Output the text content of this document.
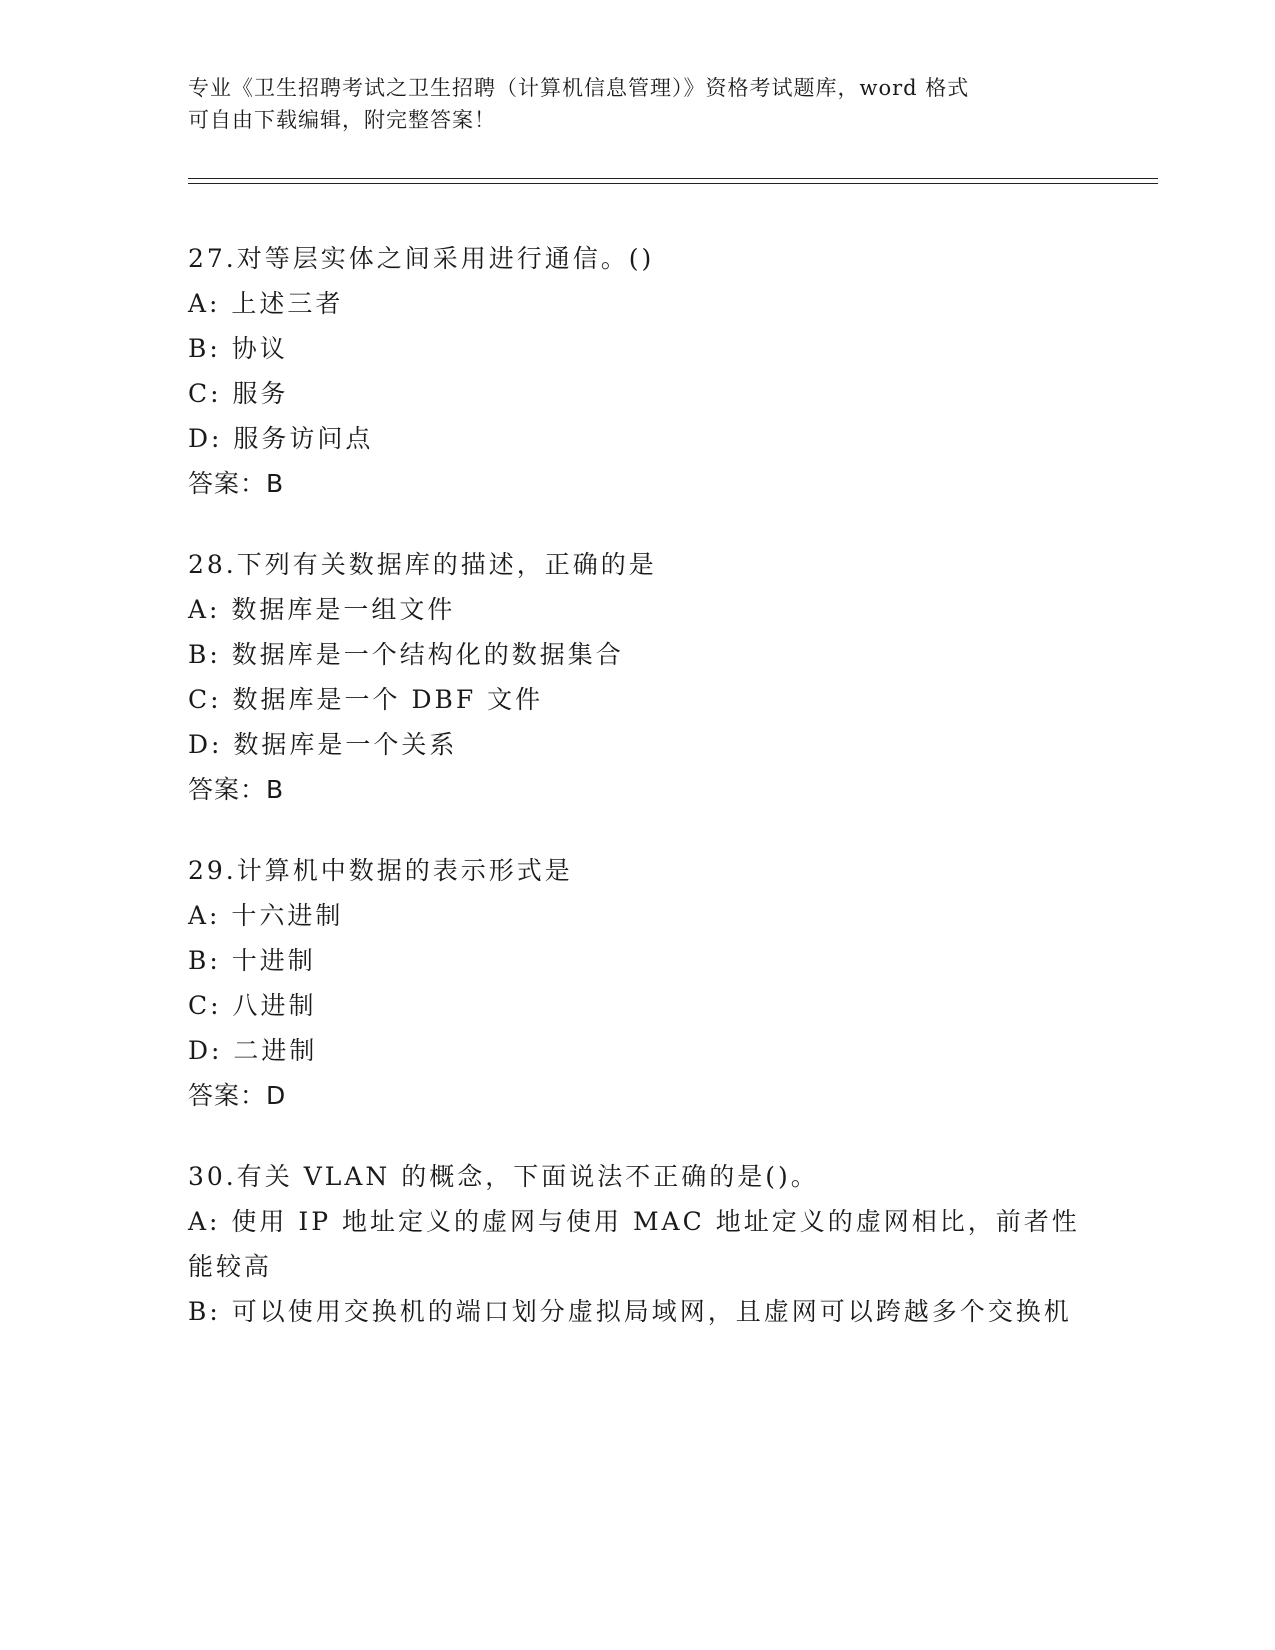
专业《卫生招聘考试之卫生招聘（计算机信息管理）》资格考试题库，word 格式
可自由下载编辑，附完整答案！
27.对等层实体之间采用进行通信。()
A: 上述三者
B: 协议
C: 服务
D: 服务访问点
答案：B
28.下列有关数据库的描述，正确的是
A: 数据库是一组文件
B: 数据库是一个结构化的数据集合
C: 数据库是一个 DBF 文件
D: 数据库是一个关系
答案：B
29.计算机中数据的表示形式是
A: 十六进制
B: 十进制
C: 八进制
D: 二进制
答案：D
30.有关 VLAN 的概念，下面说法不正确的是()。
A: 使用 IP 地址定义的虚网与使用 MAC 地址定义的虚网相比，前者性能较高
B: 可以使用交换机的端口划分虚拟局域网，且虚网可以跨越多个交换机
